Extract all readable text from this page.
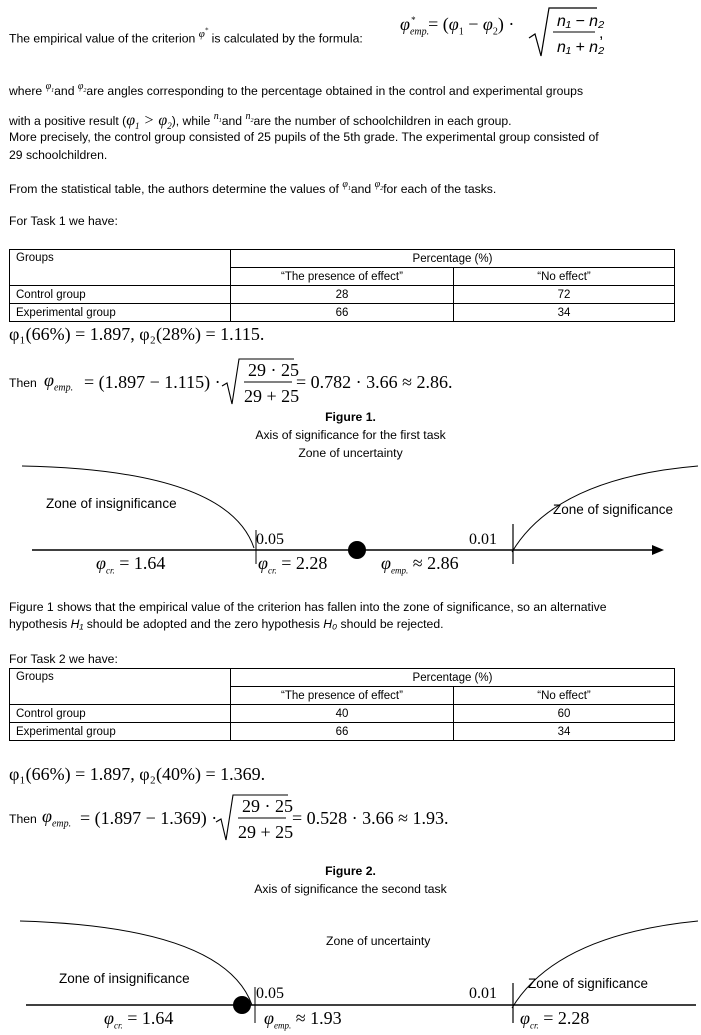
The empirical value of the criterion φ* is calculated by the formula:
$\varphi_{emp.}^* = (\varphi_1 - \varphi_2)$ ·	n₁ − n₂
n₁ + n₂
,
where $^{\varphi_1}$and $^{\varphi_2}$are angles corresponding to the percentage obtained in the control and experimental groups
with a positive result $(\varphi_1 > \varphi_2)$, while $^{n_1}$and $^{n_2}$are the number of schoolchildren in each group.
More precisely, the control group consisted of 25 pupils of the 5th grade. The experimental group consisted of
29 schoolchildren.
From the statistical table, the authors determine the values of $^{\varphi_1}$and $^{\varphi_2}$for each of the tasks.
For Task 1 we have:
Groups	Percentage (%)	
	“The presence of effect”	“No effect”
Control group	28	72
Experimental group	66	34
φ₁(66%) = 1.897, φ₂(28%) = 1.115.
Then $\varphi_{emp.} = (1.897 - 1.115)$ ·
29 · 25
29 + 25
= 0.782 · 3.66 ≈ 2.86.
Figure 1.
Axis of significance for the first task
Zone of uncertainty
Zone of insignificance	Zone of significance
0.05	0.01
$\varphi_{cr.} = 1.64$	$\varphi_{cr.} = 2.28$	$\varphi_{emp.} \approx 2.86$
Figure 1 shows that the empirical value of the criterion has fallen into the zone of significance, so an alternative
hypothesis H₁ should be adopted and the zero hypothesis H₀ should be rejected.
For Task 2 we have:
Groups	Percentage (%)	
	“The presence of effect”	“No effect”
Control group	40	60
Experimental group	66	34
φ₁(66%) = 1.897, φ₂(40%) = 1.369.
Then $\varphi_{emp.} = (1.897 - 1.369)$ ·
29 · 25
29 + 25
= 0.528 · 3.66 ≈ 1.93.
Figure 2.
Axis of significance the second task
Zone of uncertainty
Zone of insignificance	Zone of significance
0.05	0.01
$\varphi_{cr.} = 1.64$	$\varphi_{emp.} \approx 1.93$	$\varphi_{cr.} = 2.28$
